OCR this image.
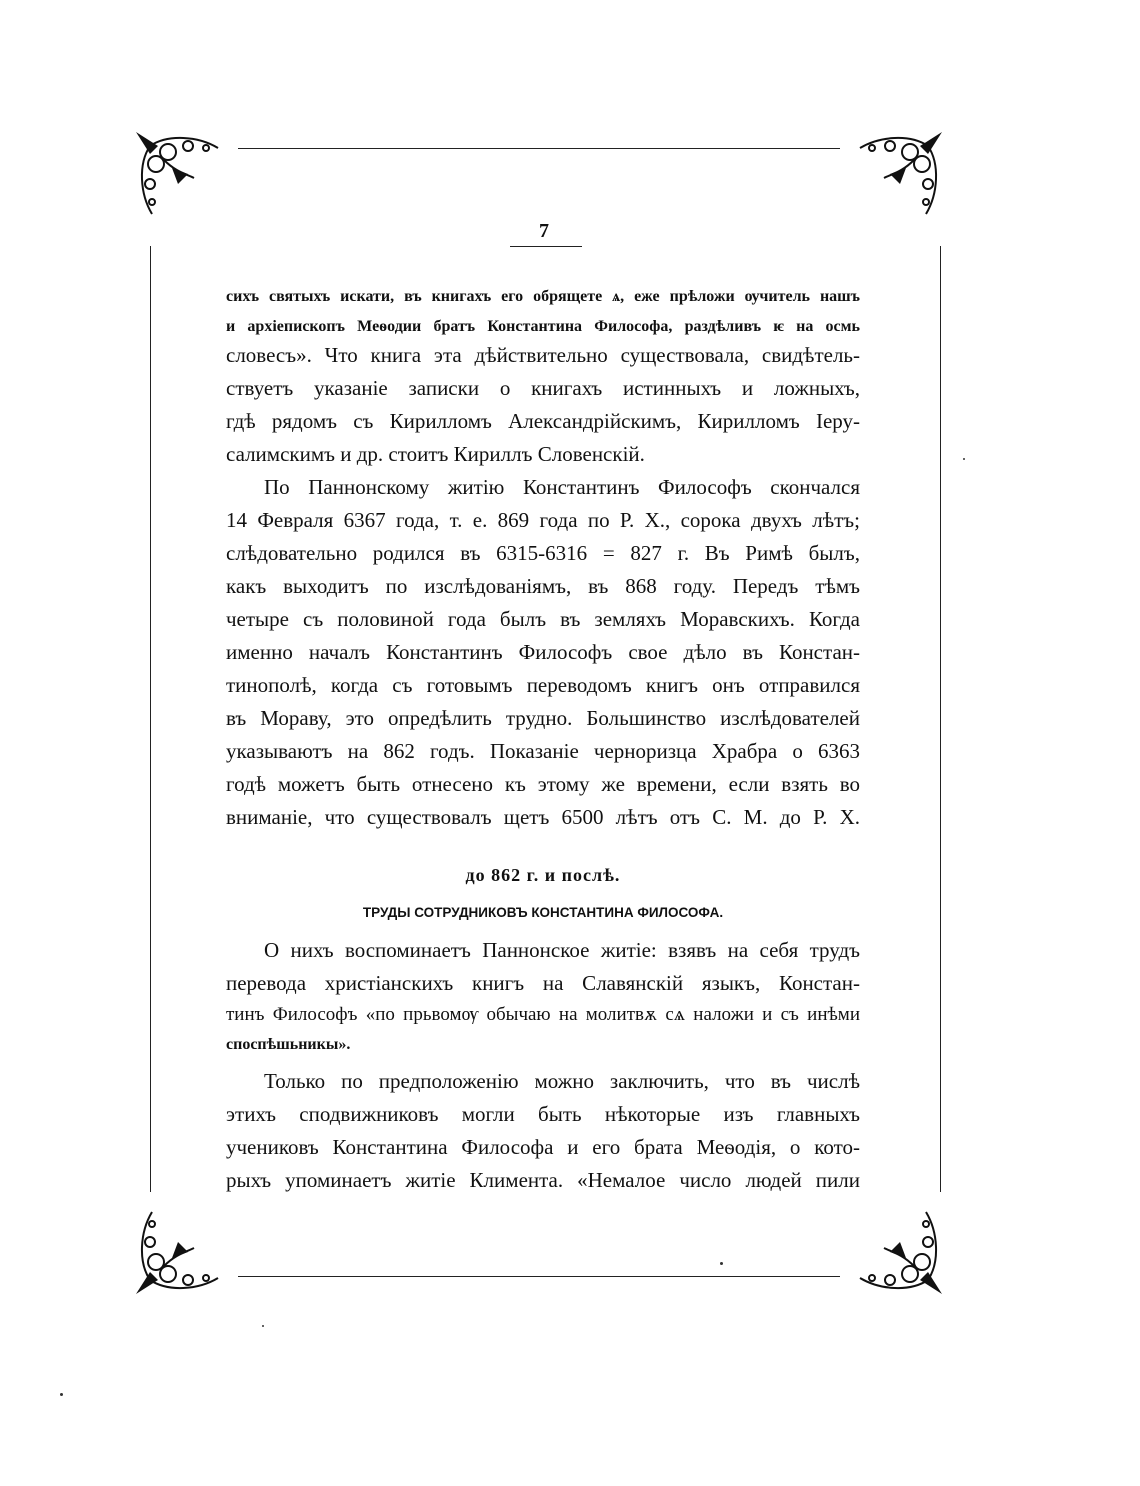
7
сихъ святыхъ искати, въ книгахъ его обрящете ѧ, еже прѣложи ѹчитель нашъ
и архіепископъ Меѳодии братъ Константина Философа, раздѣливъ ѥ на осмь
словесъ». Что книга эта дѣйствительно существовала, свидѣтель-
ствуетъ указаніе записки о книгахъ истинныхъ и ложныхъ,
гдѣ рядомъ съ Кирилломъ Александрійскимъ, Кирилломъ Іеру-
салимскимъ и др. стоитъ Кириллъ Словенскій.
По Паннонскому житію Константинъ Философъ скончался
14 Февраля 6367 года, т. е. 869 года по Р. Х., сорока двухъ лѣтъ;
слѣдовательно родился въ 6315-6316 = 827 г. Въ Римѣ былъ,
какъ выходитъ по изслѣдованіямъ, въ 868 году. Передъ тѣмъ
четыре съ половиной года былъ въ земляхъ Моравскихъ. Когда
именно началъ Константинъ Философъ свое дѣло въ Констан-
тинополѣ, когда съ готовымъ переводомъ книгъ онъ отправился
въ Мораву, это опредѣлить трудно. Большинство изслѣдователей
указываютъ на 862 годъ. Показаніе черноризца Храбра о 6363
годѣ можетъ быть отнесено къ этому же времени, если взять во
вниманіе, что существовалъ щетъ 6500 лѣтъ отъ С. М. до Р. Х.
до 862 г. и послѣ.
ТРУДЫ СОТРУДНИКОВЪ КОНСТАНТИНА ФИЛОСОФА.
О нихъ воспоминаетъ Паннонское житіе: взявъ на себя трудъ
перевода христіанскихъ книгъ на Славянскій языкъ, Констан-
тинъ Философъ «по прьвомѹ обычаю на молитвѫ сѧ наложи и съ инѣми
споспѣшьникы».
Только по предположенію можно заключить, что въ числѣ
этихъ сподвижниковъ могли быть нѣкоторые изъ главныхъ
учениковъ Константина Философа и его брата Меѳодія, о кото-
рыхъ упоминаетъ житіе Климента. «Немалое число людей пили
